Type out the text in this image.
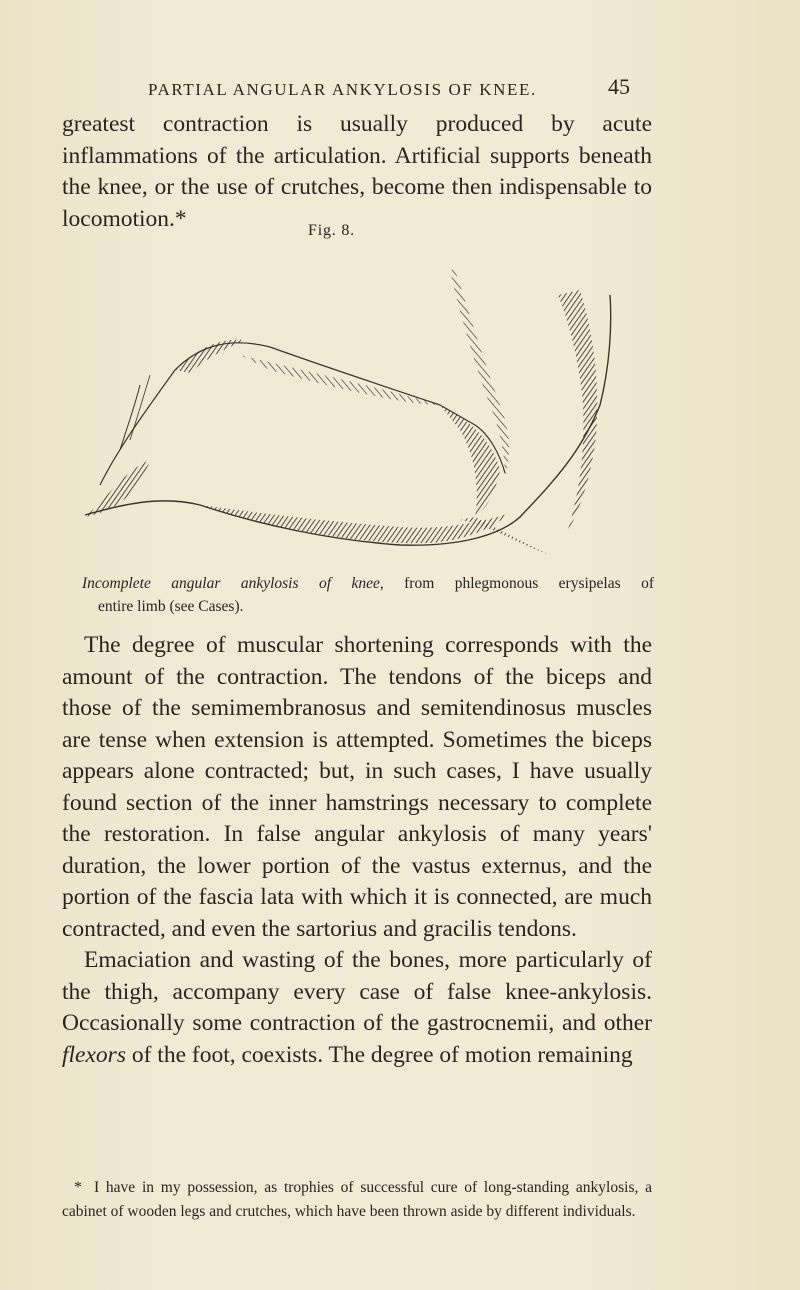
PARTIAL ANGULAR ANKYLOSIS OF KNEE.	45

greatest contraction is usually produced by acute inflammations of the articulation. Artificial supports beneath the knee, or the use of crutches, become then indispensable to locomotion.*	Fig. 8.
Incomplete angular ankylosis of knee, from phlegmonous erysipelas of
entire limb (see Cases).

The degree of muscular shortening corresponds with the amount of the contraction. The tendons of the biceps and those of the semimembranosus and semitendinosus muscles are tense when extension is attempted. Sometimes the biceps appears alone contracted; but, in such cases, I have usually found section of the inner hamstrings necessary to complete the restoration. In false angular ankylosis of many years' duration, the lower portion of the vastus externus, and the portion of the fascia lata with which it is connected, are much contracted, and even the sartorius and gracilis tendons.

Emaciation and wasting of the bones, more particularly of the thigh, accompany every case of false knee-ankylosis. Occasionally some contraction of the gastrocnemii, and other flexors of the foot, coexists. The degree of motion remaining

* I have in my possession, as trophies of successful cure of long-standing ankylosis, a cabinet of wooden legs and crutches, which have been thrown aside by different individuals.
